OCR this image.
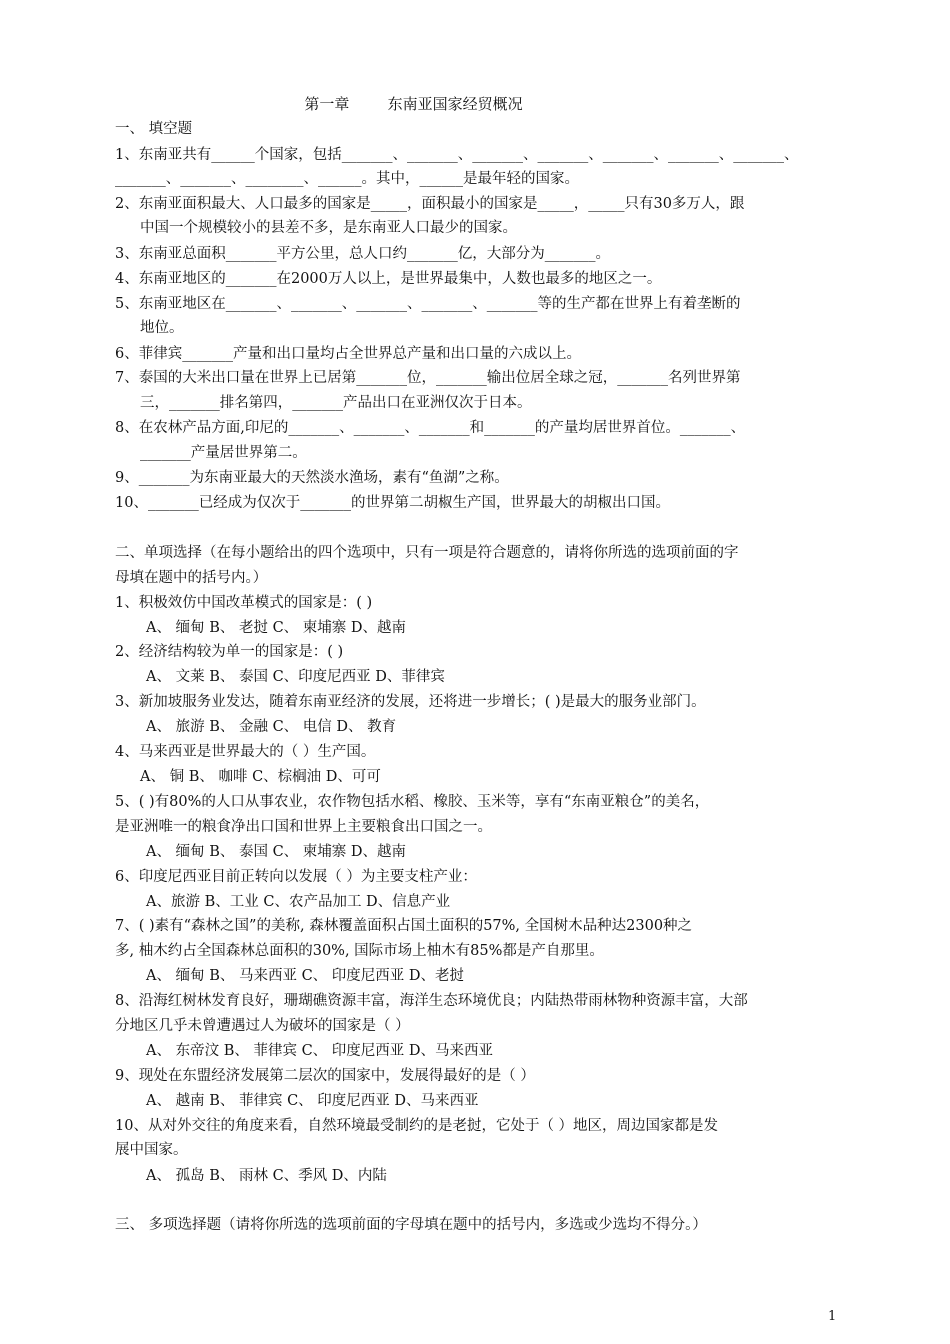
第一章        东南亚国家经贸概况
一、 填空题
1、东南亚共有______个国家，包括_______、_______、_______、_______、_______、_______、_______、
_______、_______、________、______。其中，______是最年轻的国家。
2、东南亚面积最大、人口最多的国家是_____，面积最小的国家是_____，_____只有30多万人，跟
中国一个规模较小的县差不多，是东南亚人口最少的国家。
3、东南亚总面积_______平方公里，总人口约_______亿，大部分为_______。
4、东南亚地区的_______在2000万人以上，是世界最集中，人数也最多的地区之一。
5、东南亚地区在_______、_______、_______、_______、_______等的生产都在世界上有着垄断的
地位。
6、菲律宾_______产量和出口量均占全世界总产量和出口量的六成以上。
7、泰国的大米出口量在世界上已居第_______位，_______输出位居全球之冠，_______名列世界第
三，_______排名第四，_______产品出口在亚洲仅次于日本。
8、在农林产品方面,印尼的_______、_______、_______和_______的产量均居世界首位。_______、
_______产量居世界第二。
9、_______为东南亚最大的天然淡水渔场，素有“鱼湖”之称。
10、_______已经成为仅次于_______的世界第二胡椒生产国，世界最大的胡椒出口国。
二、单项选择（在每小题给出的四个选项中，只有一项是符合题意的，请将你所选的选项前面的字
母填在题中的括号内。）
1、积极效仿中国改革模式的国家是：( )
A、 缅甸 B、 老挝 C、 柬埔寨 D、越南
2、经济结构较为单一的国家是：( )
A、 文莱 B、 泰国 C、印度尼西亚 D、菲律宾
3、新加坡服务业发达，随着东南亚经济的发展，还将进一步增长；( )是最大的服务业部门。
A、 旅游 B、 金融 C、 电信 D、 教育
4、马来西亚是世界最大的（ ）生产国。
A、 铜 B、 咖啡 C、棕榈油 D、可可
5、( )有80%的人口从事农业，农作物包括水稻、橡胶、玉米等，享有“东南亚粮仓”的美名，
是亚洲唯一的粮食净出口国和世界上主要粮食出口国之一。
A、 缅甸 B、 泰国 C、 柬埔寨 D、越南
6、印度尼西亚目前正转向以发展（ ）为主要支柱产业：
A、旅游 B、工业 C、农产品加工 D、信息产业
7、( )素有“森林之国”的美称, 森林覆盖面积占国土面积的57%, 全国树木品种达2300种之
多, 柚木约占全国森林总面积的30%, 国际市场上柚木有85%都是产自那里。
A、 缅甸 B、 马来西亚 C、 印度尼西亚 D、老挝
8、沿海红树林发育良好，珊瑚礁资源丰富，海洋生态环境优良；内陆热带雨林物种资源丰富，大部
分地区几乎未曾遭遇过人为破坏的国家是（ ）
A、 东帝汶 B、 菲律宾 C、 印度尼西亚 D、马来西亚
9、现处在东盟经济发展第二层次的国家中，发展得最好的是（ ）
A、 越南 B、 菲律宾 C、 印度尼西亚 D、马来西亚
10、从对外交往的角度来看，自然环境最受制约的是老挝，它处于（ ）地区，周边国家都是发
展中国家。
A、 孤岛 B、 雨林 C、季风 D、内陆
三、 多项选择题（请将你所选的选项前面的字母填在题中的括号内，多选或少选均不得分。）
1
